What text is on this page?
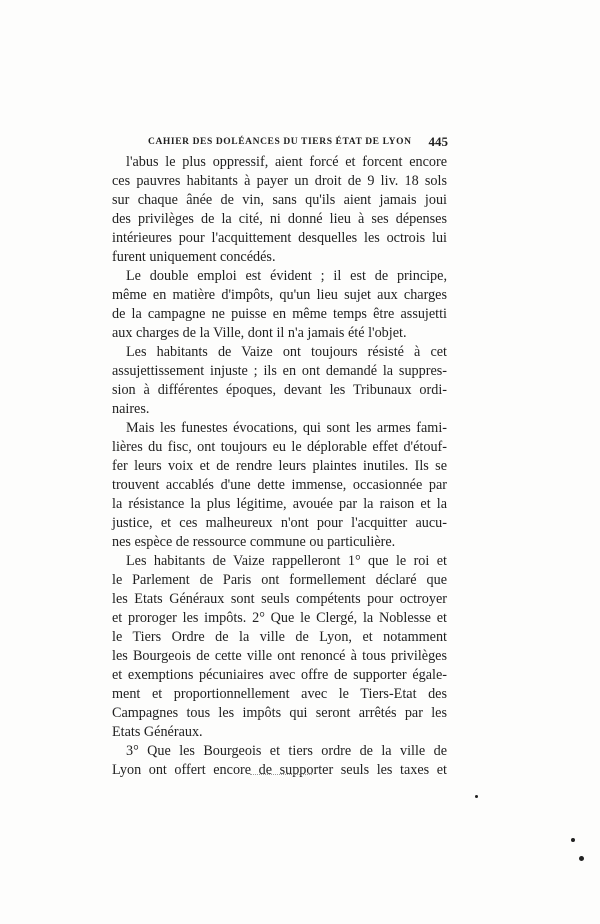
CAHIER DES DOLÉANCES DU TIERS ÉTAT DE LYON 445
l'abus le plus oppressif, aient forcé et forcent encore
ces pauvres habitants à payer un droit de 9 liv. 18 sols
sur chaque ânée de vin, sans qu'ils aient jamais joui
des privilèges de la cité, ni donné lieu à ses dépenses
intérieures pour l'acquittement desquelles les octrois lui
furent uniquement concédés.
Le double emploi est évident ; il est de principe,
même en matière d'impôts, qu'un lieu sujet aux charges
de la campagne ne puisse en même temps être assujetti
aux charges de la Ville, dont il n'a jamais été l'objet.
Les habitants de Vaize ont toujours résisté à cet
assujettissement injuste ; ils en ont demandé la suppres-
sion à différentes époques, devant les Tribunaux ordi-
naires.
Mais les funestes évocations, qui sont les armes fami-
lières du fisc, ont toujours eu le déplorable effet d'étouf-
fer leurs voix et de rendre leurs plaintes inutiles. Ils se
trouvent accablés d'une dette immense, occasionnée par
la résistance la plus légitime, avouée par la raison et la
justice, et ces malheureux n'ont pour l'acquitter aucu-
nes espèce de ressource commune ou particulière.
Les habitants de Vaize rappelleront 1° que le roi et
le Parlement de Paris ont formellement déclaré que
les Etats Généraux sont seuls compétents pour octroyer
et proroger les impôts. 2° Que le Clergé, la Noblesse et
le Tiers Ordre de la ville de Lyon, et notamment
les Bourgeois de cette ville ont renoncé à tous privilèges
et exemptions pécuniaires avec offre de supporter égale-
ment et proportionnellement avec le Tiers-Etat des
Campagnes tous les impôts qui seront arrêtés par les
Etats Généraux.
3° Que les Bourgeois et tiers ordre de la ville de
Lyon ont offert encore de supporter seuls les taxes et
